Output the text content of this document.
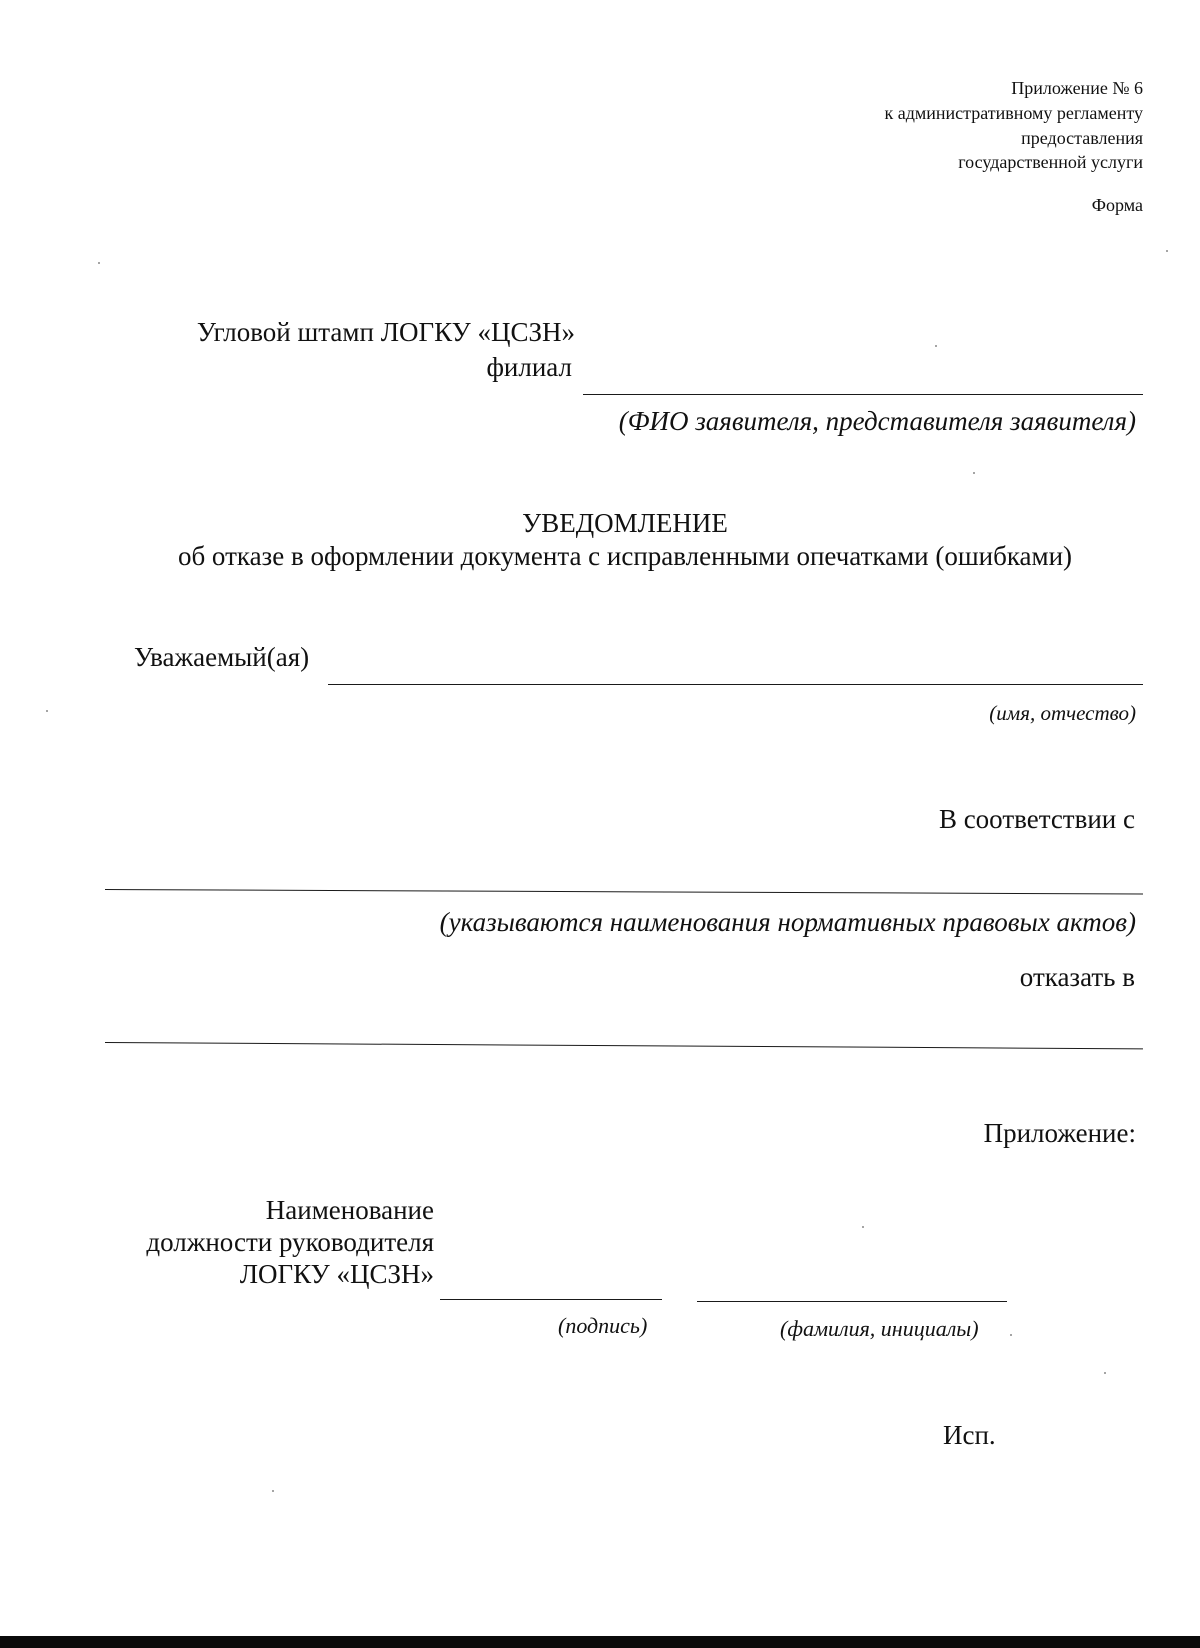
Приложение № 6
к административному регламенту
предоставления
государственной услуги
Форма
Угловой штамп ЛОГКУ «ЦСЗН»
филиал
(ФИО заявителя, представителя заявителя)
УВЕДОМЛЕНИЕ
об отказе в оформлении документа с исправленными опечатками (ошибками)
Уважаемый(ая)
(имя, отчество)
В соответствии с
(указываются наименования нормативных правовых актов)
отказать в
Приложение:
Наименование
должности руководителя
ЛОГКУ «ЦСЗН»
(подпись)	(фамилия, инициалы)
Исп.
